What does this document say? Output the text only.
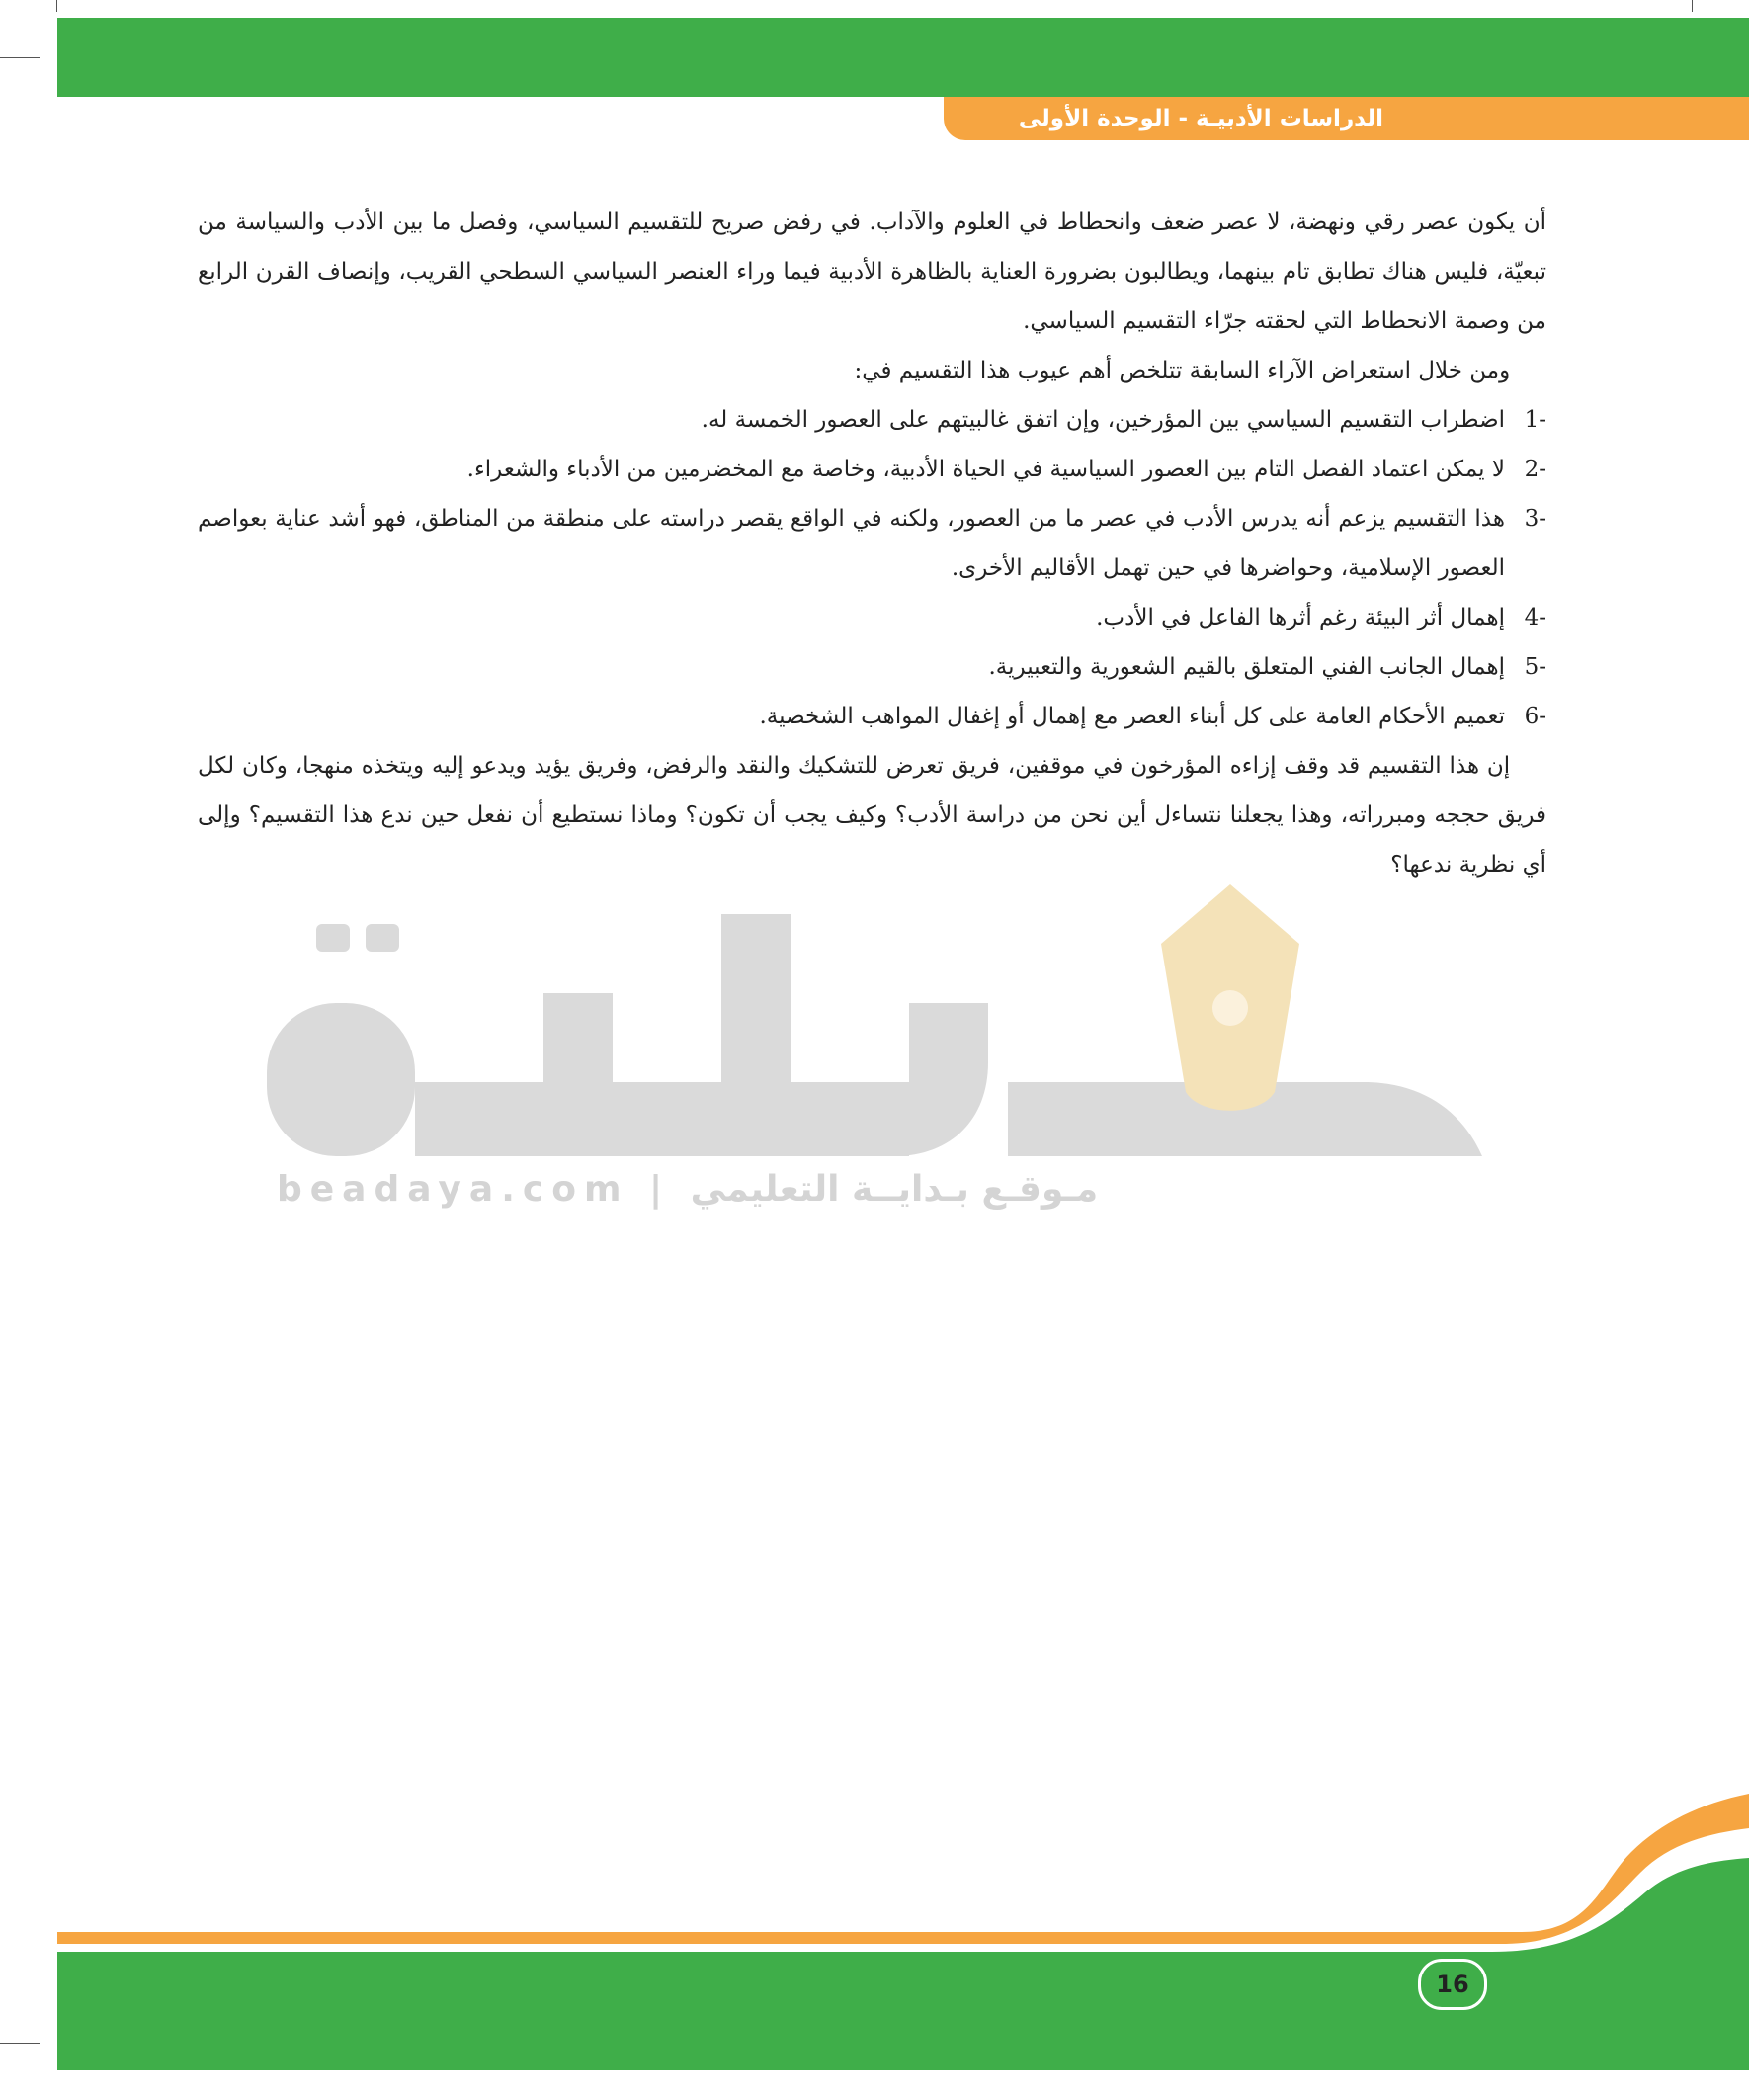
الدراسات الأدبيـة - الوحدة الأولى
beadaya.com | مـوقـع بـدايــة التعليمي

أن يكون عصر رقي ونهضة، لا عصر ضعف وانحطاط في العلوم والآداب. في رفض صريح للتقسيم السياسي، وفصل ما بين الأدب والسياسة من تبعيّة، فليس هناك تطابق تام بينهما، ويطالبون بضرورة العناية بالظاهرة الأدبية فيما وراء العنصر السياسي السطحي القريب، وإنصاف القرن الرابع من وصمة الانحطاط التي لحقته جرّاء التقسيم السياسي.

ومن خلال استعراض الآراء السابقة تتلخص أهم عيوب هذا التقسيم في:

-1
اضطراب التقسيم السياسي بين المؤرخين، وإن اتفق غالبيتهم على العصور الخمسة له.
-2
لا يمكن اعتماد الفصل التام بين العصور السياسية في الحياة الأدبية، وخاصة مع المخضرمين من الأدباء والشعراء.
-3
هذا التقسيم يزعم أنه يدرس الأدب في عصر ما من العصور، ولكنه في الواقع يقصر دراسته على منطقة من المناطق، فهو أشد عناية بعواصم العصور الإسلامية، وحواضرها في حين تهمل الأقاليم الأخرى.
-4
إهمال أثر البيئة رغم أثرها الفاعل في الأدب.
-5
إهمال الجانب الفني المتعلق بالقيم الشعورية والتعبيرية.
-6
تعميم الأحكام العامة على كل أبناء العصر مع إهمال أو إغفال المواهب الشخصية.

إن هذا التقسيم قد وقف إزاءه المؤرخون في موقفين، فريق تعرض للتشكيك والنقد والرفض، وفريق يؤيد ويدعو إليه ويتخذه منهجا، وكان لكل فريق حججه ومبرراته، وهذا يجعلنا نتساءل أين نحن من دراسة الأدب؟ وكيف يجب أن تكون؟ وماذا نستطيع أن نفعل حين ندع هذا التقسيم؟ وإلى أي نظرية ندعها؟

16
